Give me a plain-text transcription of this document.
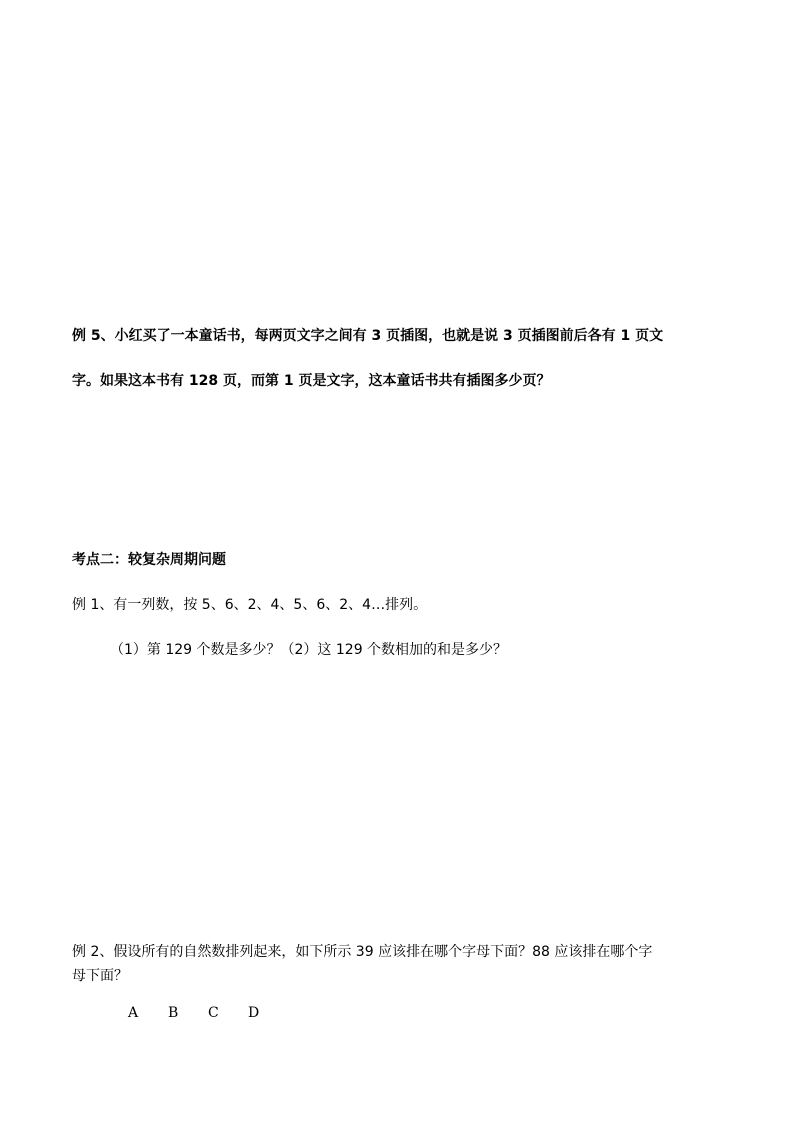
例 5、小红买了一本童话书，每两页文字之间有 3 页插图，也就是说 3 页插图前后各有 1 页文
字。如果这本书有 128 页，而第 1 页是文字，这本童话书共有插图多少页？
考点二：较复杂周期问题
例 1、有一列数，按 5、6、2、4、5、6、2、4…排列。
（1）第 129 个数是多少？（2）这 129 个数相加的和是多少？
例 2、假设所有的自然数排列起来，如下所示 39 应该排在哪个字母下面？88 应该排在哪个字
母下面？
A B C D
